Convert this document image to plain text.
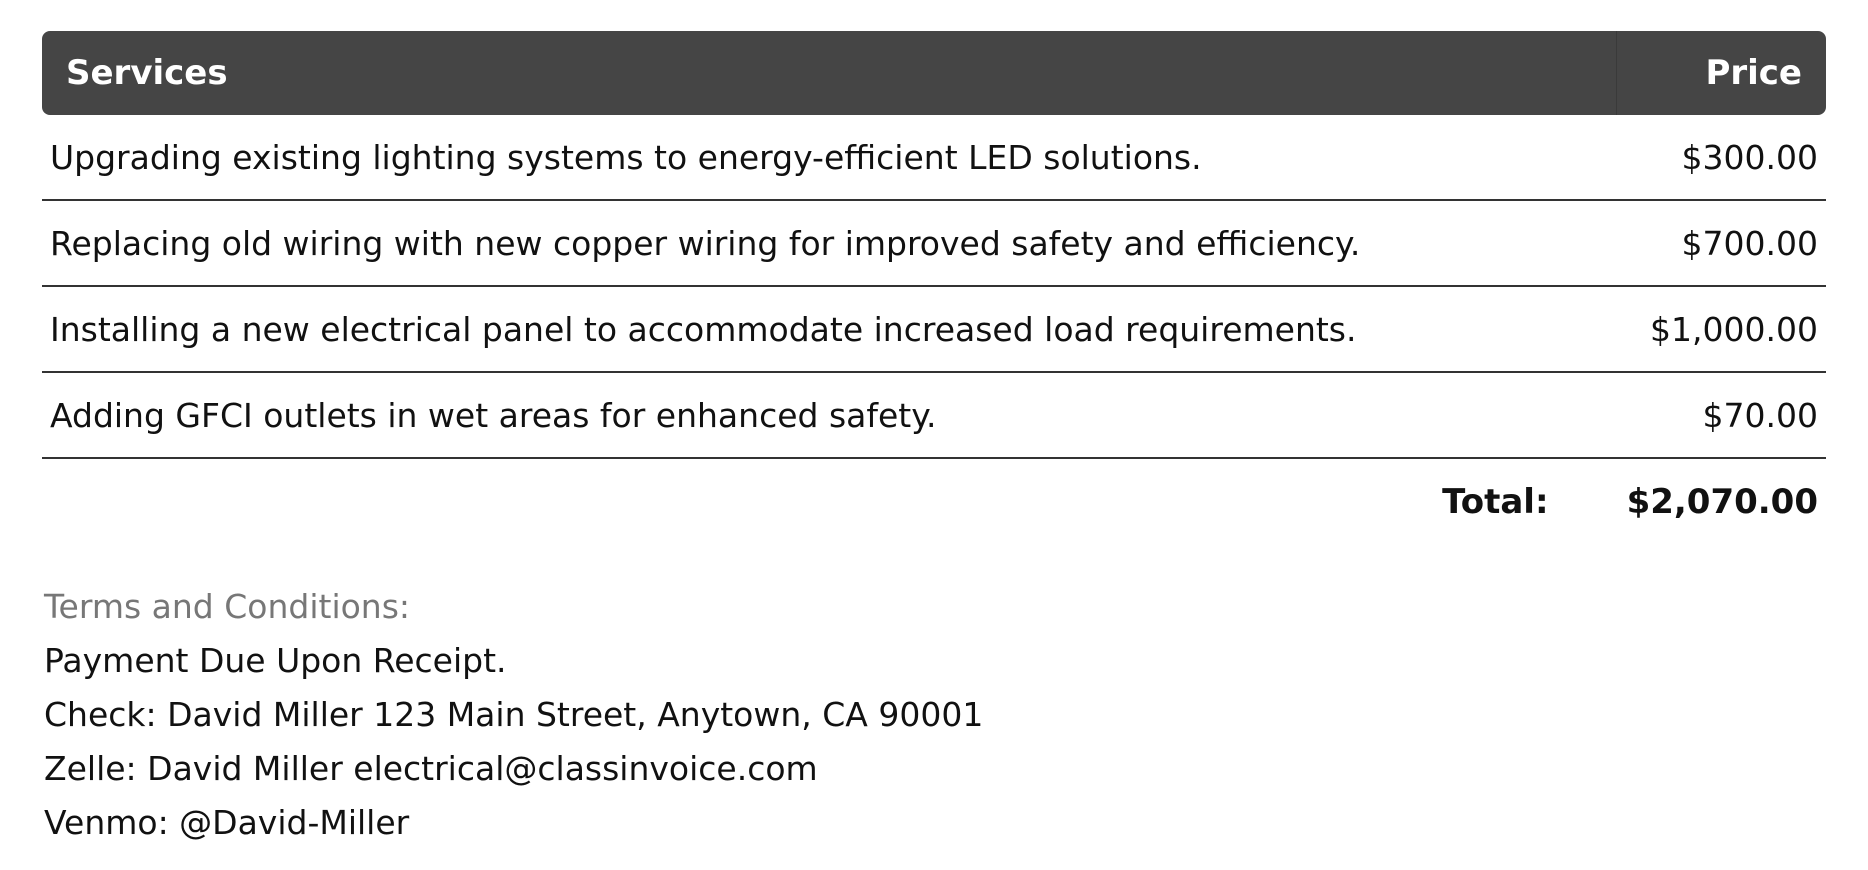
Services	Price
Upgrading existing lighting systems to energy-efficient LED solutions.	$300.00
Replacing old wiring with new copper wiring for improved safety and efficiency.	$700.00
Installing a new electrical panel to accommodate increased load requirements.	$1,000.00
Adding GFCI outlets in wet areas for enhanced safety.	$70.00
Total:	$2,070.00
Terms and Conditions:
Payment Due Upon Receipt.
Check: David Miller 123 Main Street, Anytown, CA 90001
Zelle: David Miller electrical@classinvoice.com
Venmo: @David-Miller
